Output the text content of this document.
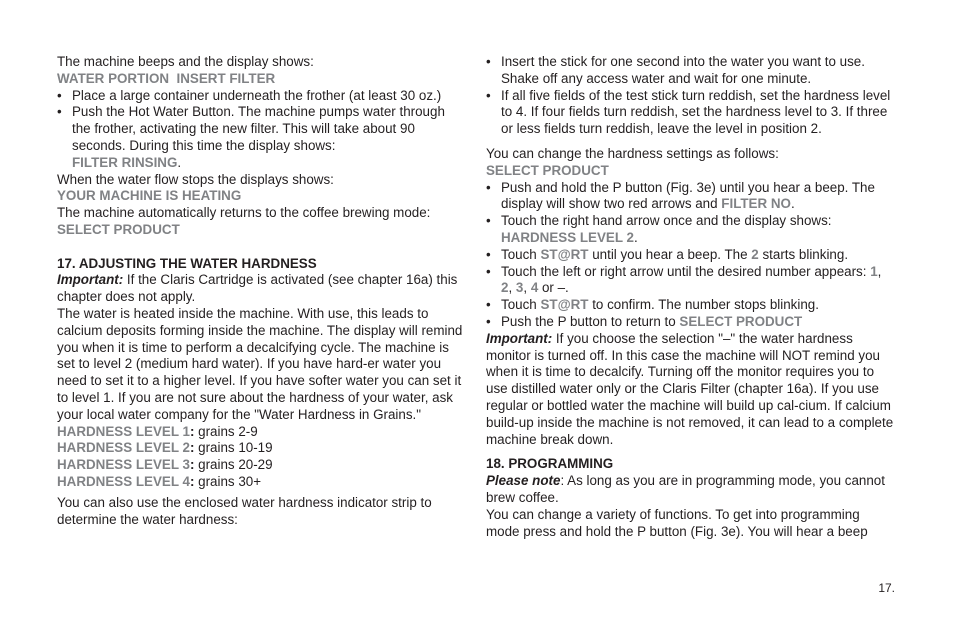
The machine beeps and the display shows:

WATER PORTION  INSERT FILTER

• Place a large container underneath the frother (at least 30 oz.)
• Push the Hot Water Button. The machine pumps water through the frother, activating the new filter. This will take about 90 seconds. During this time the display shows:

FILTER RINSING.

When the water flow stops the displays shows:

YOUR MACHINE IS HEATING

The machine automatically returns to the coffee brewing mode:

SELECT PRODUCT

17. ADJUSTING THE WATER HARDNESS

Important: If the Claris Cartridge is activated (see chapter 16a) this chapter does not apply.

The water is heated inside the machine. With use, this leads to calcium deposits forming inside the machine. The display will remind you when it is time to perform a decalcifying cycle. The machine is set to level 2 (medium hard water). If you have hard-er water you need to set it to a higher level. If you have softer water you can set it to level 1. If you are not sure about the hardness of your water, ask your local water company for the "Water Hardness in Grains."

HARDNESS LEVEL 1: grains 2-9

HARDNESS LEVEL 2: grains 10-19

HARDNESS LEVEL 3: grains 20-29

HARDNESS LEVEL 4: grains 30+

You can also use the enclosed water hardness indicator strip to determine the water hardness:

• Insert the stick for one second into the water you want to use. Shake off any access water and wait for one minute.
• If all five fields of the test stick turn reddish, set the hardness level to 4. If four fields turn reddish, set the hardness level to 3. If three or less fields turn reddish, leave the level in position 2.

You can change the hardness settings as follows:

SELECT PRODUCT

• Push and hold the P button (Fig. 3e) until you hear a beep. The display will show two red arrows and FILTER NO.
• Touch the right hand arrow once and the display shows:
HARDNESS LEVEL 2.
• Touch ST@RT until you hear a beep. The 2 starts blinking.
• Touch the left or right arrow until the desired number appears: 1, 2, 3, 4 or –.
• Touch ST@RT to confirm. The number stops blinking.
• Push the P button to return to SELECT PRODUCT

Important: If you choose the selection "–" the water hardness monitor is turned off. In this case the machine will NOT remind you when it is time to decalcify. Turning off the monitor requires you to use distilled water only or the Claris Filter (chapter 16a). If you use regular or bottled water the machine will build up cal-cium. If calcium build-up inside the machine is not removed, it can lead to a complete machine break down.

18. PROGRAMMING

Please note: As long as you are in programming mode, you cannot brew coffee.

You can change a variety of functions. To get into programming mode press and hold the P button (Fig. 3e). You will hear a beep

17.
